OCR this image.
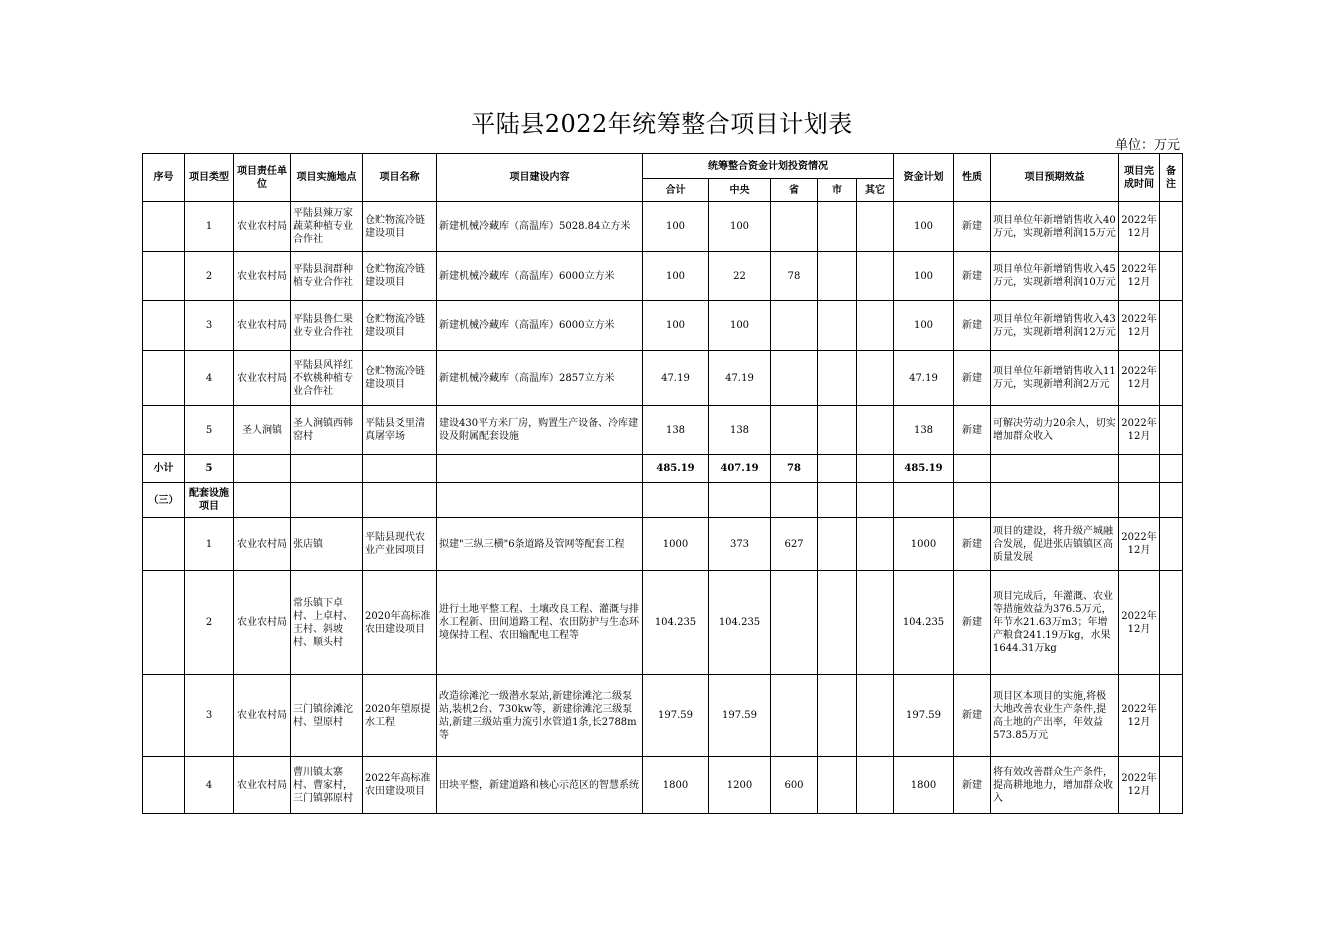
平陆县2022年统筹整合项目计划表
单位：万元
序号	项目类型	项目责任单位	项目实施地点	项目名称	项目建设内容	统筹整合资金计划投资情况					资金计划	性质	项目预期效益	项目完成时间	备注
						合计	中央	省	市	其它					
	1	农业农村局	平陆县辣万家蔬菜种植专业合作社	仓贮物流冷链建设项目	新建机械冷藏库（高温库）5028.84立方米	100	100				100	新建	项目单位年新增销售收入40万元，实现新增利润15万元	2022年12月	
	2	农业农村局	平陆县润群种植专业合作社	仓贮物流冷链建设项目	新建机械冷藏库（高温库）6000立方米	100	22	78			100	新建	项目单位年新增销售收入45万元，实现新增利润10万元	2022年12月	
	3	农业农村局	平陆县鲁仁果业专业合作社	仓贮物流冷链建设项目	新建机械冷藏库（高温库）6000立方米	100	100				100	新建	项目单位年新增销售收入43万元，实现新增利润12万元	2022年12月	
	4	农业农村局	平陆县风祥红不软桃种植专业合作社	仓贮物流冷链建设项目	新建机械冷藏库（高温库）2857立方米	47.19	47.19				47.19	新建	项目单位年新增销售收入11万元，实现新增利润2万元	2022年12月	
	5	圣人涧镇	圣人涧镇西韩窑村	平陆县爻里清真屠宰场	建设430平方米厂房，购置生产设备、冷库建设及附属配套设施	138	138				138	新建	可解决劳动力20余人，切实增加群众收入	2022年12月	
小计	5					485.19	407.19	78			485.19				
（三）	配套设施项目														
	1	农业农村局	张店镇	平陆县现代农业产业园项目	拟建"三纵三横"6条道路及管网等配套工程	1000	373	627			1000	新建	项目的建设，将升级产城融合发展，促进张店镇镇区高质量发展	2022年12月	
	2	农业农村局	常乐镇下卓村、上卓村、王村、斜坡村、顺头村	2020年高标准农田建设项目	进行土地平整工程、土壤改良工程、灌溉与排水工程新、田间道路工程、农田防护与生态环境保持工程、农田输配电工程等	104.235	104.235				104.235	新建	项目完成后，年灌溉、农业等措施效益为376.5万元，年节水21.63万m3；年增产粮食241.19万kg，水果1644.31万kg	2022年12月	
	3	农业农村局	三门镇徐滩沱村、望原村	2020年望原提水工程	改造徐滩沱一级潜水泵站,新建徐滩沱二级泵站,装机2台、730kw等，新建徐滩沱三级泵站,新建三级站重力流引水管道1条,长2788m等	197.59	197.59				197.59	新建	项目区本项目的实施,将极大地改善农业生产条件,提高土地的产出率，年效益573.85万元	2022年12月	
	4	农业农村局	曹川镇太寨村、曹家村，三门镇郭原村	2022年高标准农田建设项目	田块平整，新建道路和核心示范区的智慧系统	1800	1200	600			1800	新建	将有效改善群众生产条件，提高耕地地力，增加群众收入	2022年12月	
